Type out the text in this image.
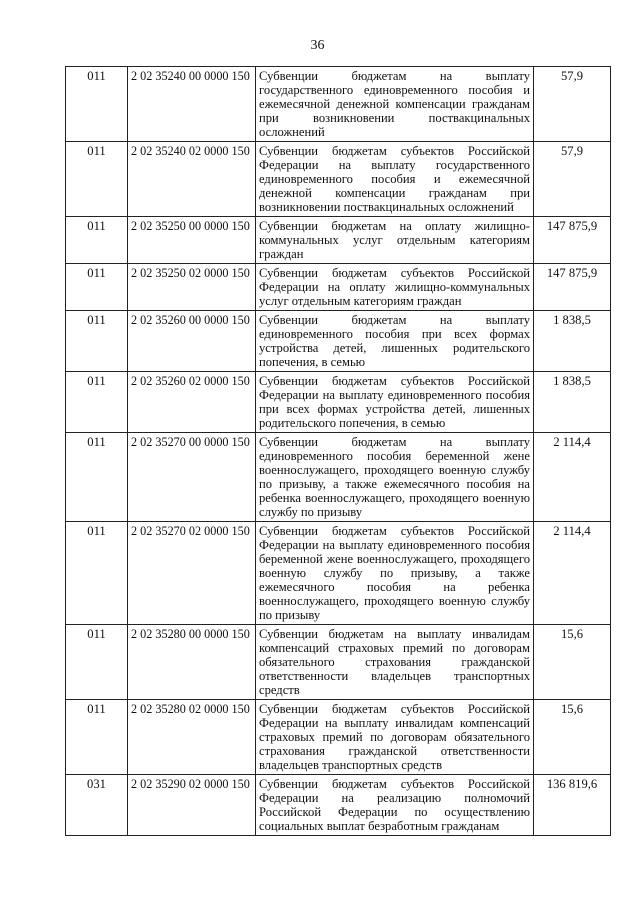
36
011	2 02 35240 00 0000 150	Субвенции бюджетам на выплату государственного единовременного пособия и ежемесячной денежной компенсации гражданам при возникновении поствакцинальных осложнений	57,9
011	2 02 35240 02 0000 150	Субвенции бюджетам субъектов Российской Федерации на выплату государственного единовременного пособия и ежемесячной денежной компенсации гражданам при возникновении поствакцинальных осложнений	57,9
011	2 02 35250 00 0000 150	Субвенции бюджетам на оплату жилищно-коммунальных услуг отдельным категориям граждан	147 875,9
011	2 02 35250 02 0000 150	Субвенции бюджетам субъектов Российской Федерации на оплату жилищно-коммунальных услуг отдельным категориям граждан	147 875,9
011	2 02 35260 00 0000 150	Субвенции бюджетам на выплату единовременного пособия при всех формах устройства детей, лишенных родительского попечения, в семью	1 838,5
011	2 02 35260 02 0000 150	Субвенции бюджетам субъектов Российской Федерации на выплату единовременного пособия при всех формах устройства детей, лишенных родительского попечения, в семью	1 838,5
011	2 02 35270 00 0000 150	Субвенции бюджетам на выплату единовременного пособия беременной жене военнослужащего, проходящего военную службу по призыву, а также ежемесячного пособия на ребенка военнослужащего, проходящего военную службу по призыву	2 114,4
011	2 02 35270 02 0000 150	Субвенции бюджетам субъектов Российской Федерации на выплату единовременного пособия беременной жене военнослужащего, проходящего военную службу по призыву, а также ежемесячного пособия на ребенка военнослужащего, проходящего военную службу по призыву	2 114,4
011	2 02 35280 00 0000 150	Субвенции бюджетам на выплату инвалидам компенсаций страховых премий по договорам обязательного страхования гражданской ответственности владельцев транспортных средств	15,6
011	2 02 35280 02 0000 150	Субвенции бюджетам субъектов Российской Федерации на выплату инвалидам компенсаций страховых премий по договорам обязательного страхования гражданской ответственности владельцев транспортных средств	15,6
031	2 02 35290 02 0000 150	Субвенции бюджетам субъектов Российской Федерации на реализацию полномочий Российской Федерации по осуществлению социальных выплат безработным гражданам	136 819,6
